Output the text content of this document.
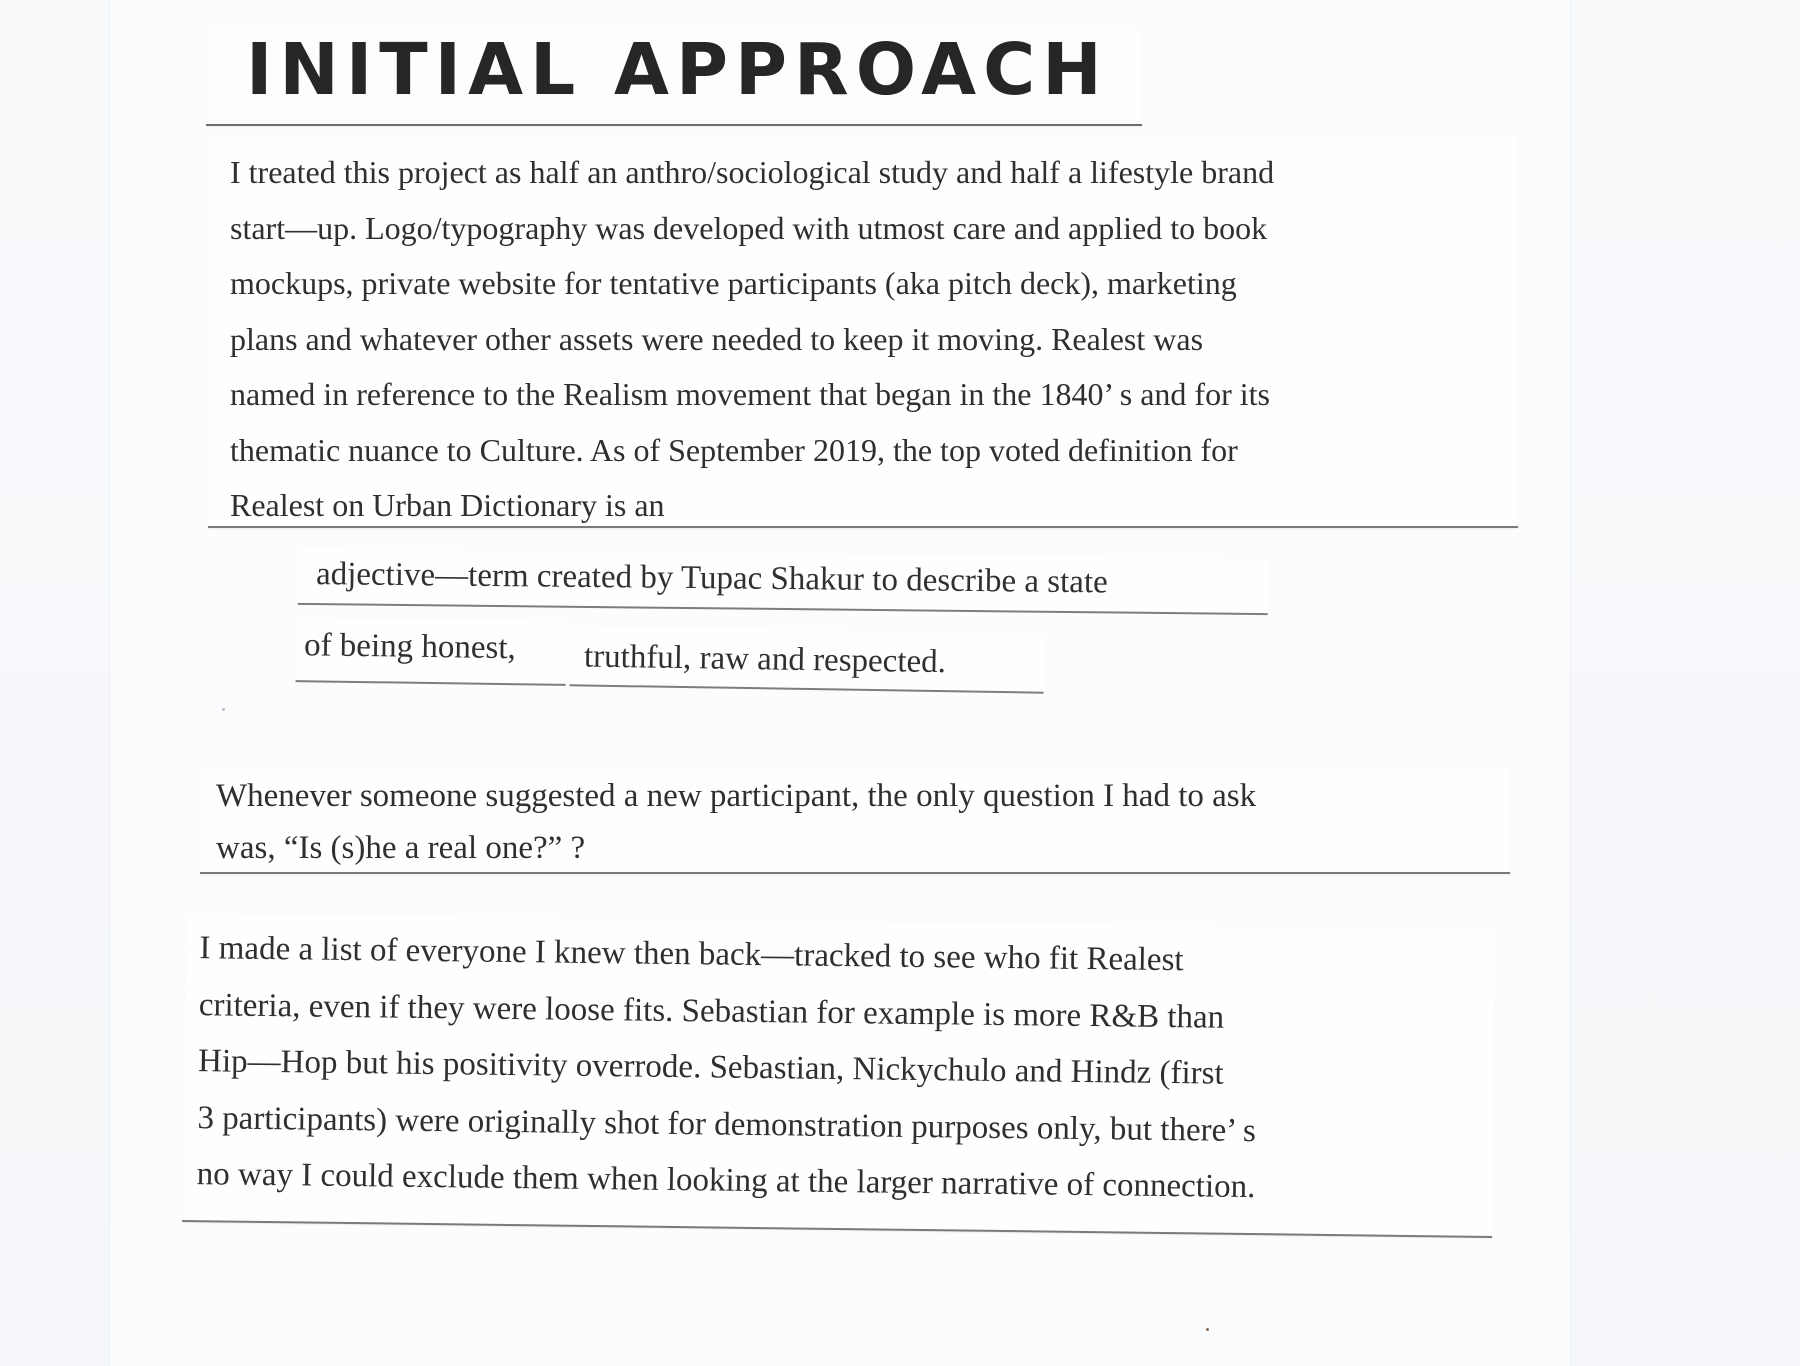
INITIAL APPROACH
I treated this project as half an anthro/sociological study and half a lifestyle brand
start—up. Logo/typography was developed with utmost care and applied to book
mockups, private website for tentative participants (aka pitch deck), marketing
plans and whatever other assets were needed to keep it moving. Realest was
named in reference to the Realism movement that began in the 1840’ s and for its
thematic nuance to Culture. As of September 2019, the top voted definition for
Realest on Urban Dictionary is an
adjective—term created by Tupac Shakur to describe a state
of being honest, truthful, raw and respected.
Whenever someone suggested a new participant, the only question I had to ask
was, “Is (s)he a real one?” ?
I made a list of everyone I knew then back—tracked to see who fit Realest
criteria, even if they were loose fits. Sebastian for example is more R&B than
Hip—Hop but his positivity overrode. Sebastian, Nickychulo and Hindz (first
3 participants) were originally shot for demonstration purposes only, but there’ s
no way I could exclude them when looking at the larger narrative of connection.
